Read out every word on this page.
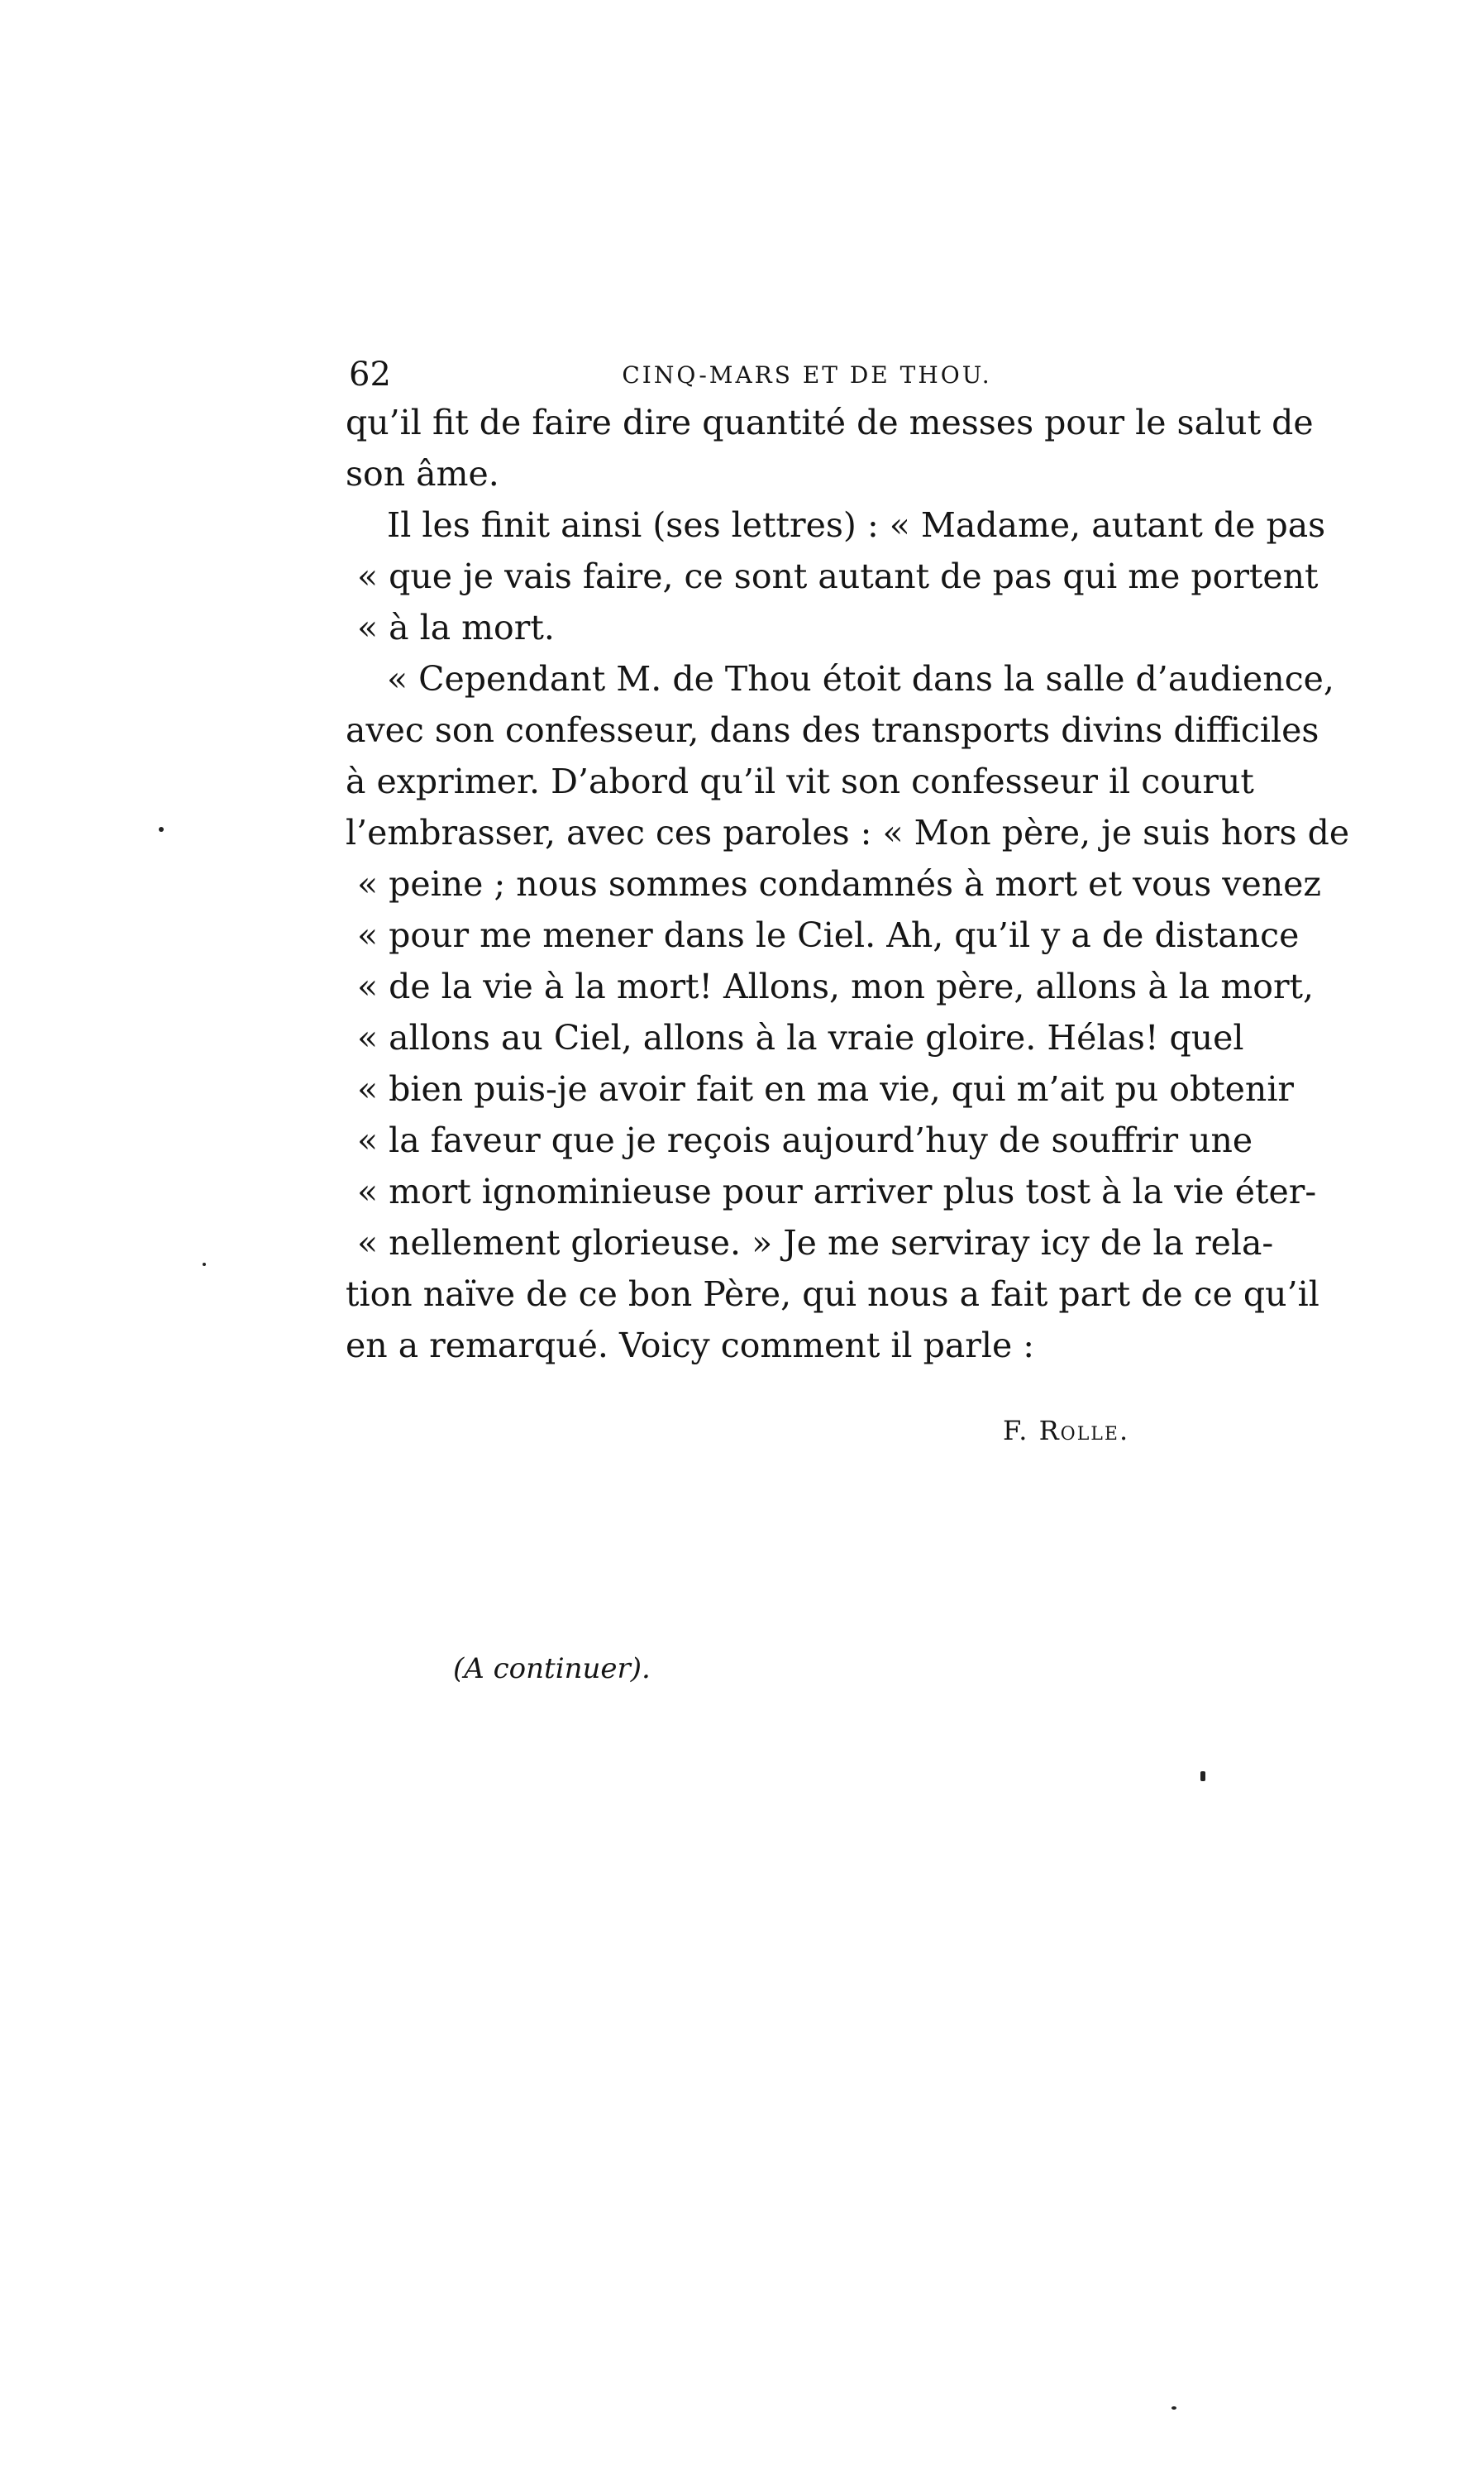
62	CINQ-MARS ET DE THOU.
qu’il fit de faire dire quantité de messes pour le salut de
son âme.
Il les finit ainsi (ses lettres) : « Madame, autant de pas
« que je vais faire, ce sont autant de pas qui me portent
« à la mort.
« Cependant M. de Thou étoit dans la salle d’audience,
avec son confesseur, dans des transports divins difficiles
à exprimer. D’abord qu’il vit son confesseur il courut
l’embrasser, avec ces paroles : « Mon père, je suis hors de
« peine ; nous sommes condamnés à mort et vous venez
« pour me mener dans le Ciel. Ah, qu’il y a de distance
« de la vie à la mort! Allons, mon père, allons à la mort,
« allons au Ciel, allons à la vraie gloire. Hélas! quel
« bien puis-je avoir fait en ma vie, qui m’ait pu obtenir
« la faveur que je reçois aujourd’huy de souffrir une
« mort ignominieuse pour arriver plus tost à la vie éter-
« nellement glorieuse. » Je me serviray icy de la rela-
tion naïve de ce bon Père, qui nous a fait part de ce qu’il
en a remarqué. Voicy comment il parle :
F. Rolle.
(A continuer).
